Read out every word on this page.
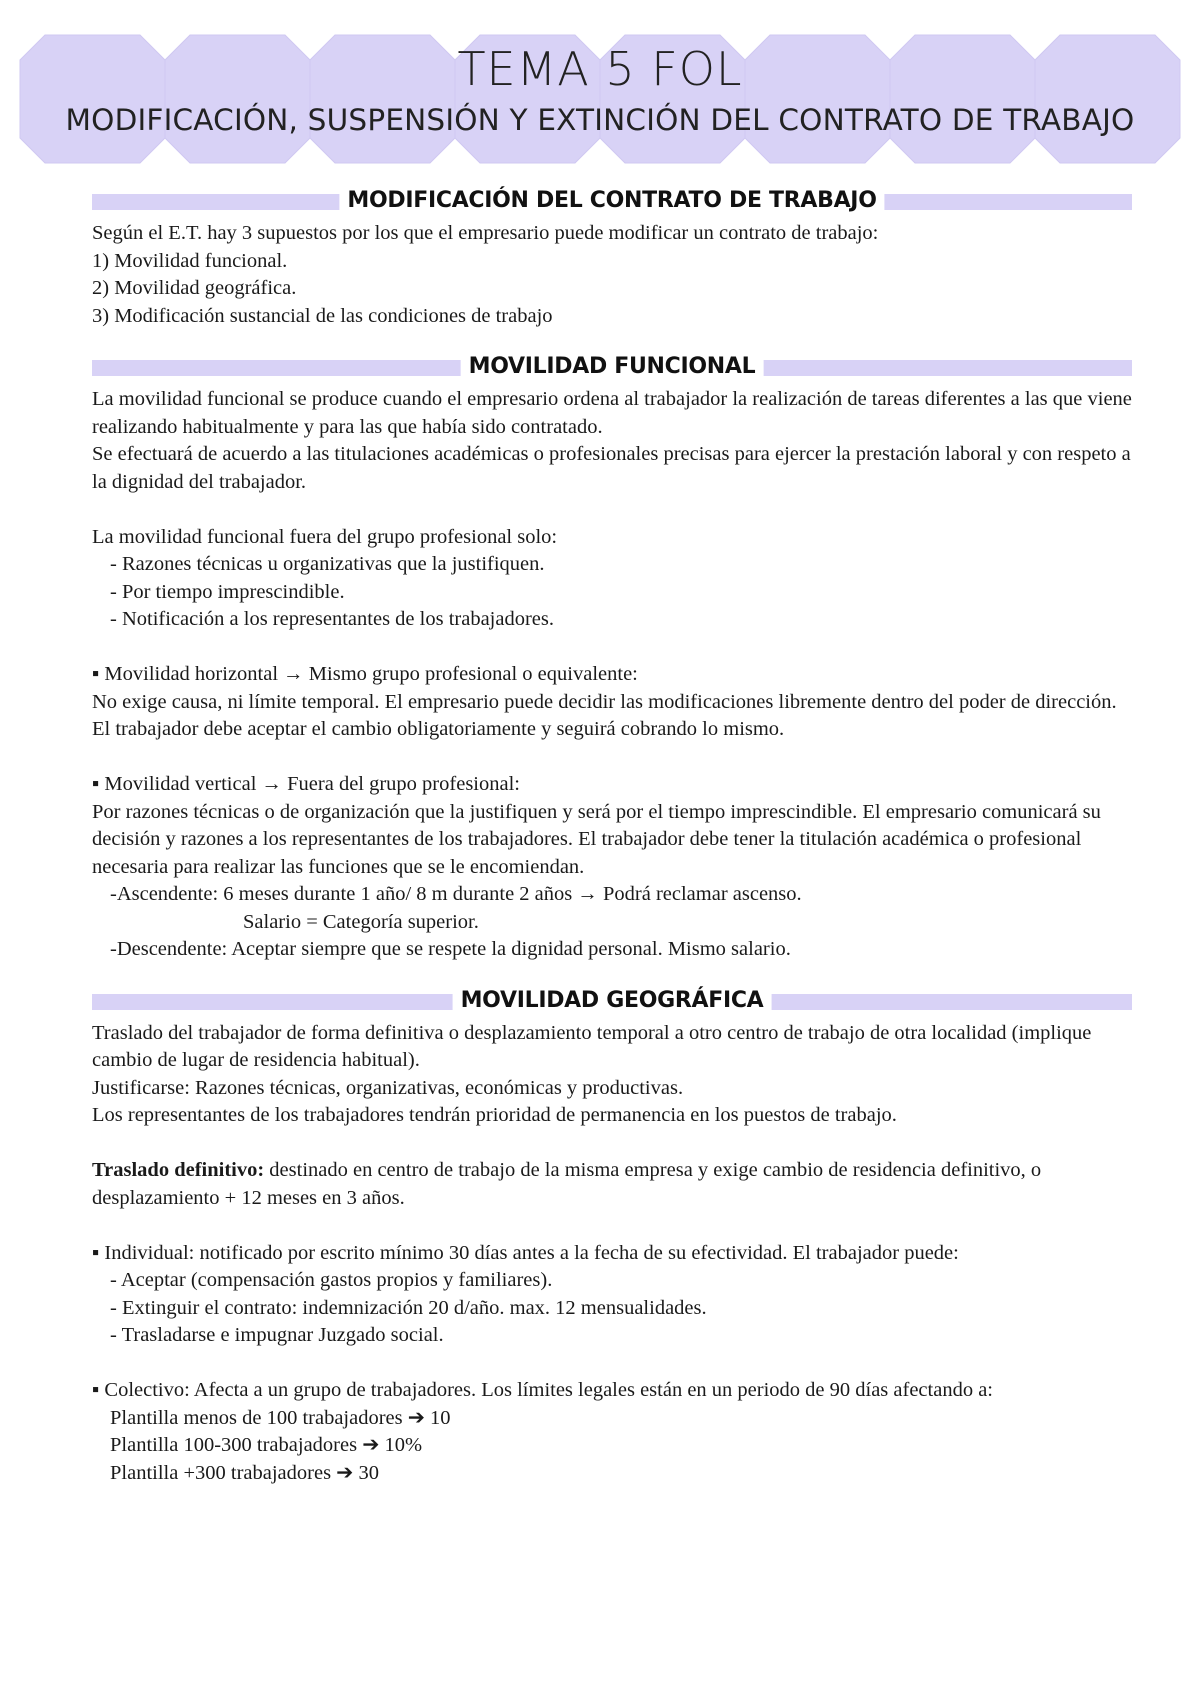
TEMA 5 FOL
MODIFICACIÓN, SUSPENSIÓN Y EXTINCIÓN DEL CONTRATO DE TRABAJO
MODIFICACIÓN DEL CONTRATO DE TRABAJO
Según el E.T. hay 3 supuestos por los que el empresario puede modificar un contrato de trabajo:
1) Movilidad funcional.
2) Movilidad geográfica.
3) Modificación sustancial de las condiciones de trabajo
MOVILIDAD FUNCIONAL
La movilidad funcional se produce cuando el empresario ordena al trabajador la realización de tareas diferentes a las que viene realizando habitualmente y para las que había sido contratado.
Se efectuará de acuerdo a las titulaciones académicas o profesionales precisas para ejercer la prestación laboral y con respeto a la dignidad del trabajador.
La movilidad funcional fuera del grupo profesional solo:
- Razones técnicas u organizativas que la justifiquen.
- Por tiempo imprescindible.
- Notificación a los representantes de los trabajadores.
▪ Movilidad horizontal → Mismo grupo profesional o equivalente:
No exige causa, ni límite temporal. El empresario puede decidir las modificaciones libremente dentro del poder de dirección. El trabajador debe aceptar el cambio obligatoriamente y seguirá cobrando lo mismo.
▪ Movilidad vertical → Fuera del grupo profesional:
Por razones técnicas o de organización que la justifiquen y será por el tiempo imprescindible. El empresario comunicará su decisión y razones a los representantes de los trabajadores. El trabajador debe tener la titulación académica o profesional necesaria para realizar las funciones que se le encomiendan.
-Ascendente: 6 meses durante 1 año/ 8 m durante 2 años → Podrá reclamar ascenso.
Salario = Categoría superior.
-Descendente: Aceptar siempre que se respete la dignidad personal. Mismo salario.
MOVILIDAD GEOGRÁFICA
Traslado del trabajador de forma definitiva o desplazamiento temporal a otro centro de trabajo de otra localidad (implique cambio de lugar de residencia habitual).
Justificarse: Razones técnicas, organizativas, económicas y productivas.
Los representantes de los trabajadores tendrán prioridad de permanencia en los puestos de trabajo.
Traslado definitivo: destinado en centro de trabajo de la misma empresa y exige cambio de residencia definitivo, o desplazamiento + 12 meses en 3 años.
▪ Individual: notificado por escrito mínimo 30 días antes a la fecha de su efectividad. El trabajador puede:
- Aceptar (compensación gastos propios y familiares).
- Extinguir el contrato: indemnización 20 d/año. max. 12 mensualidades.
- Trasladarse e impugnar Juzgado social.
▪ Colectivo: Afecta a un grupo de trabajadores. Los límites legales están en un periodo de 90 días afectando a:
Plantilla menos de 100 trabajadores ➔ 10
Plantilla 100-300 trabajadores ➔ 10%
Plantilla +300 trabajadores ➔ 30
